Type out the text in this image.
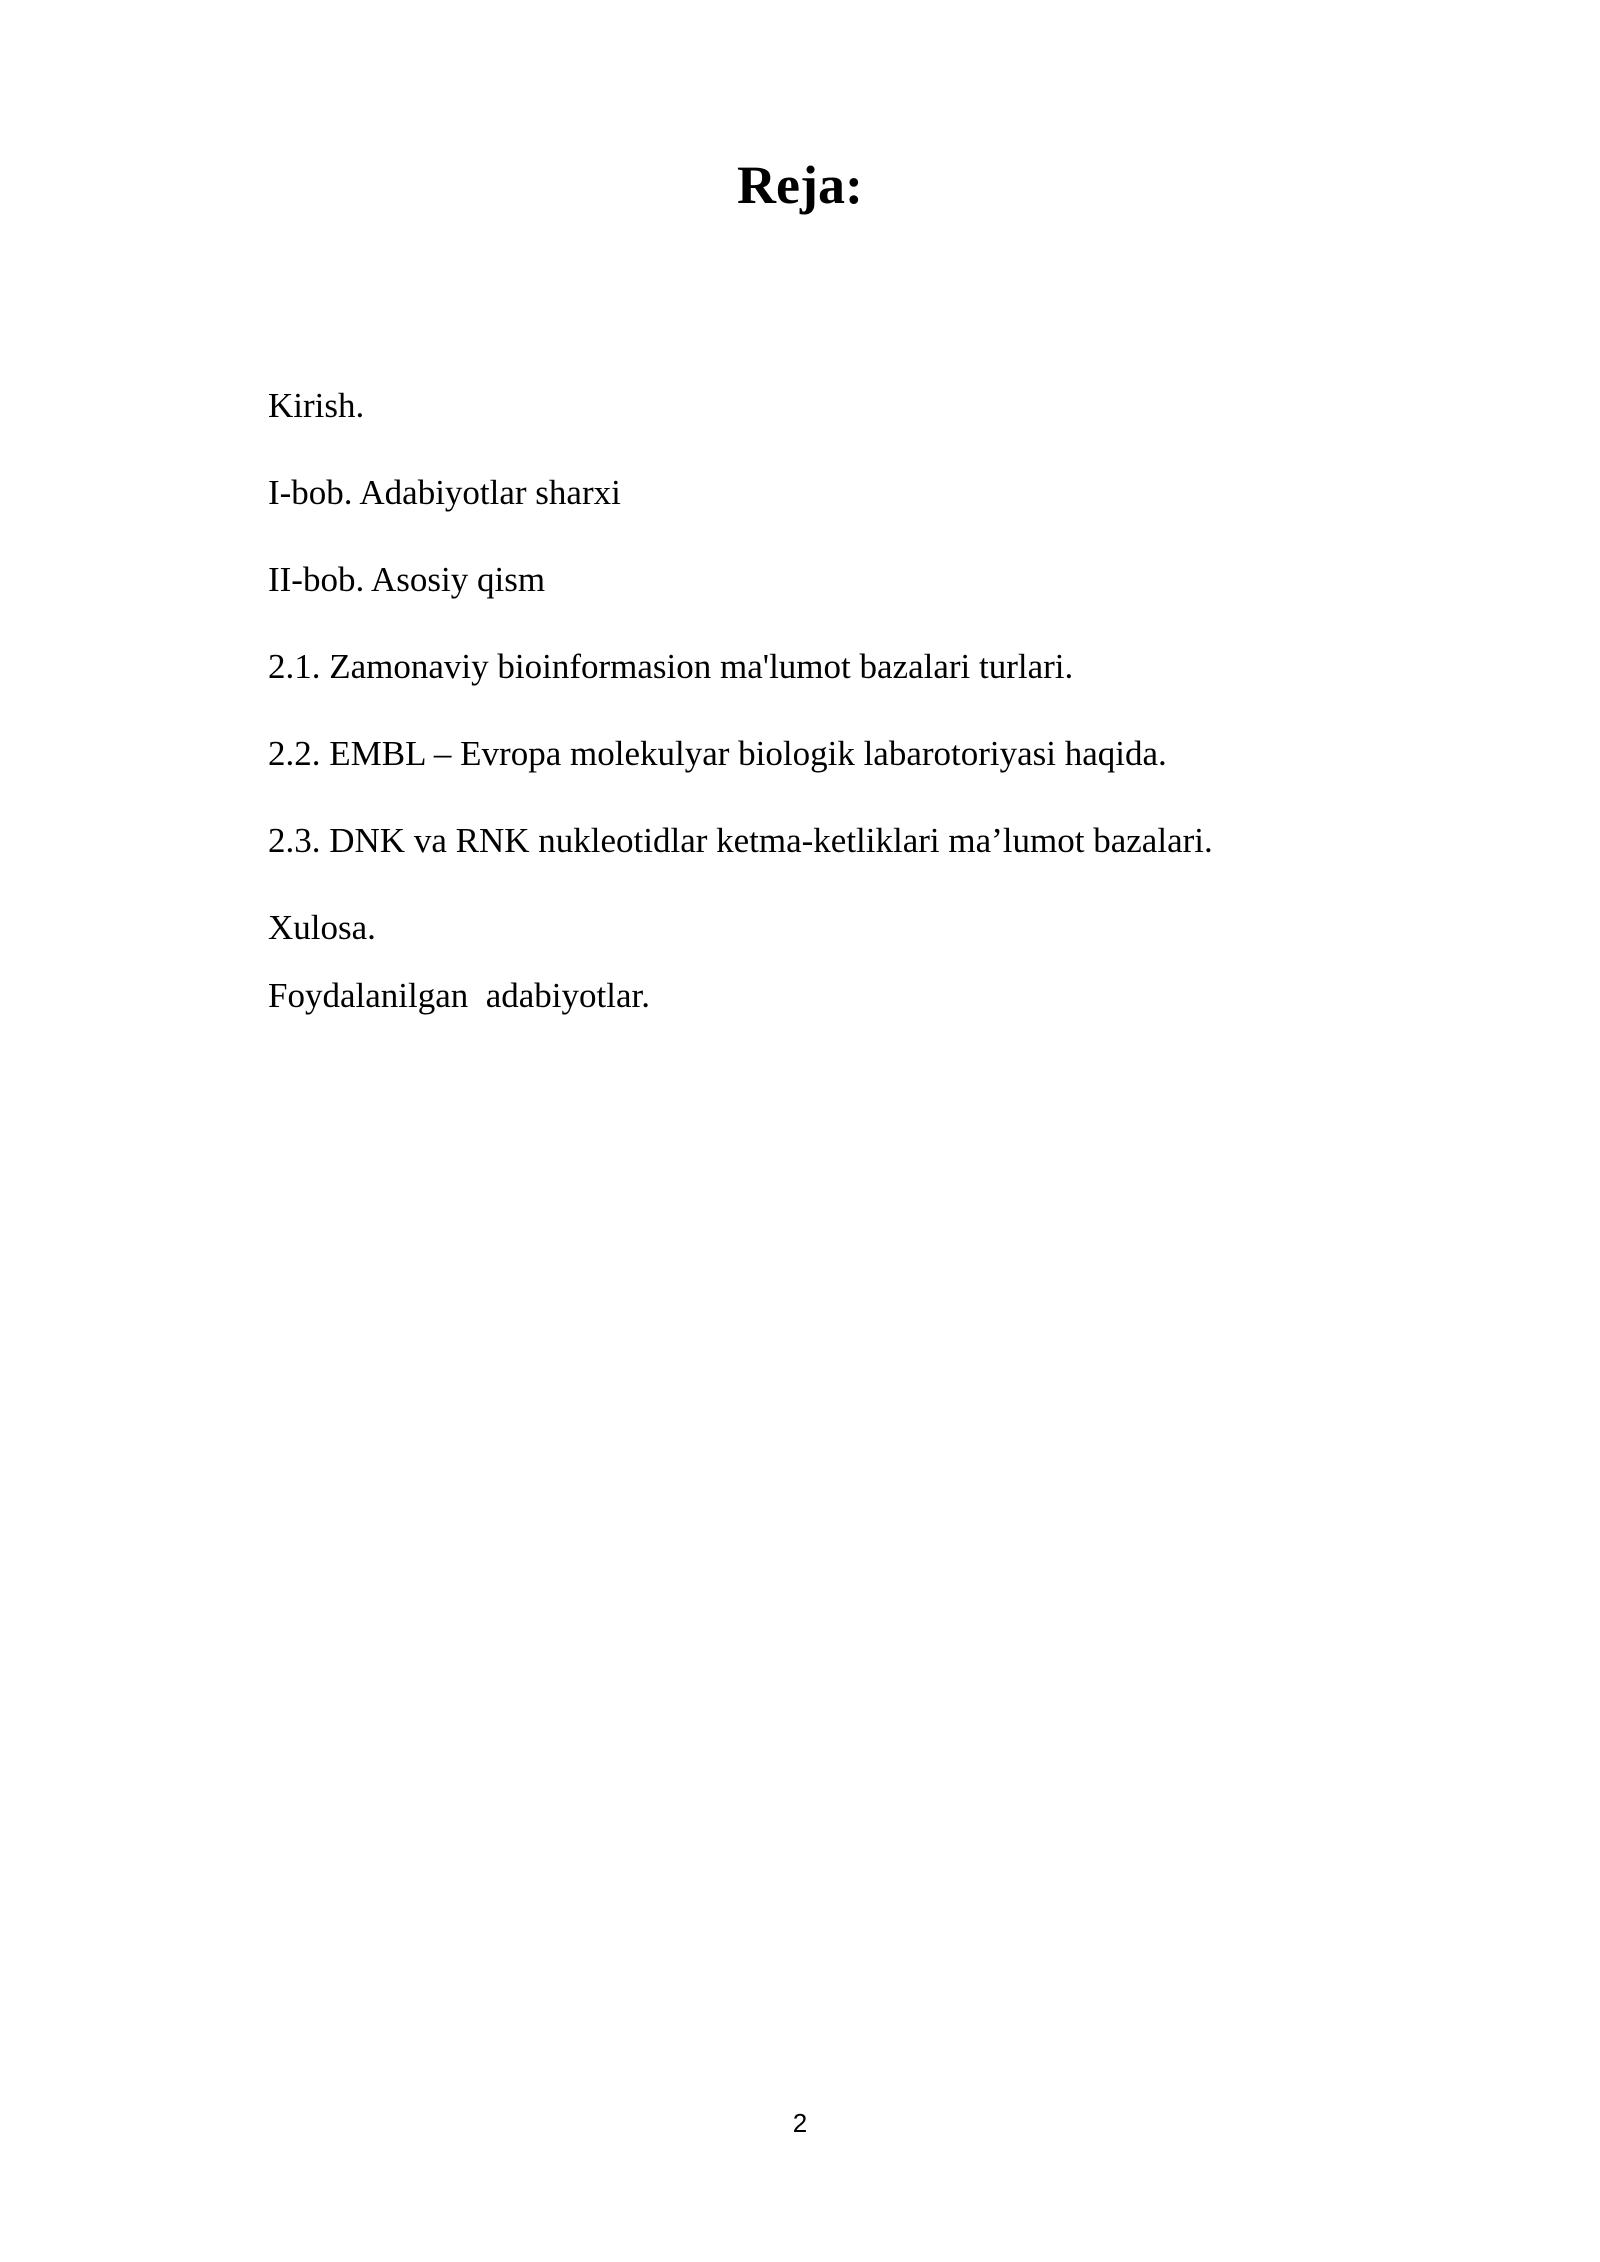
Reja:

Kirish.

I-bob. Adabiyotlar sharxi

II-bob. Asosiy qism

2.1. Zamonaviy bioinformasion ma'lumot bazalari turlari.

2.2. EMBL – Evropa molekulyar biologik labarotoriyasi haqida.

2.3. DNK va RNK nukleotidlar ketma-ketliklari ma’lumot bazalari.

Xulosa.

Foydalanilgan  adabiyotlar.

2
